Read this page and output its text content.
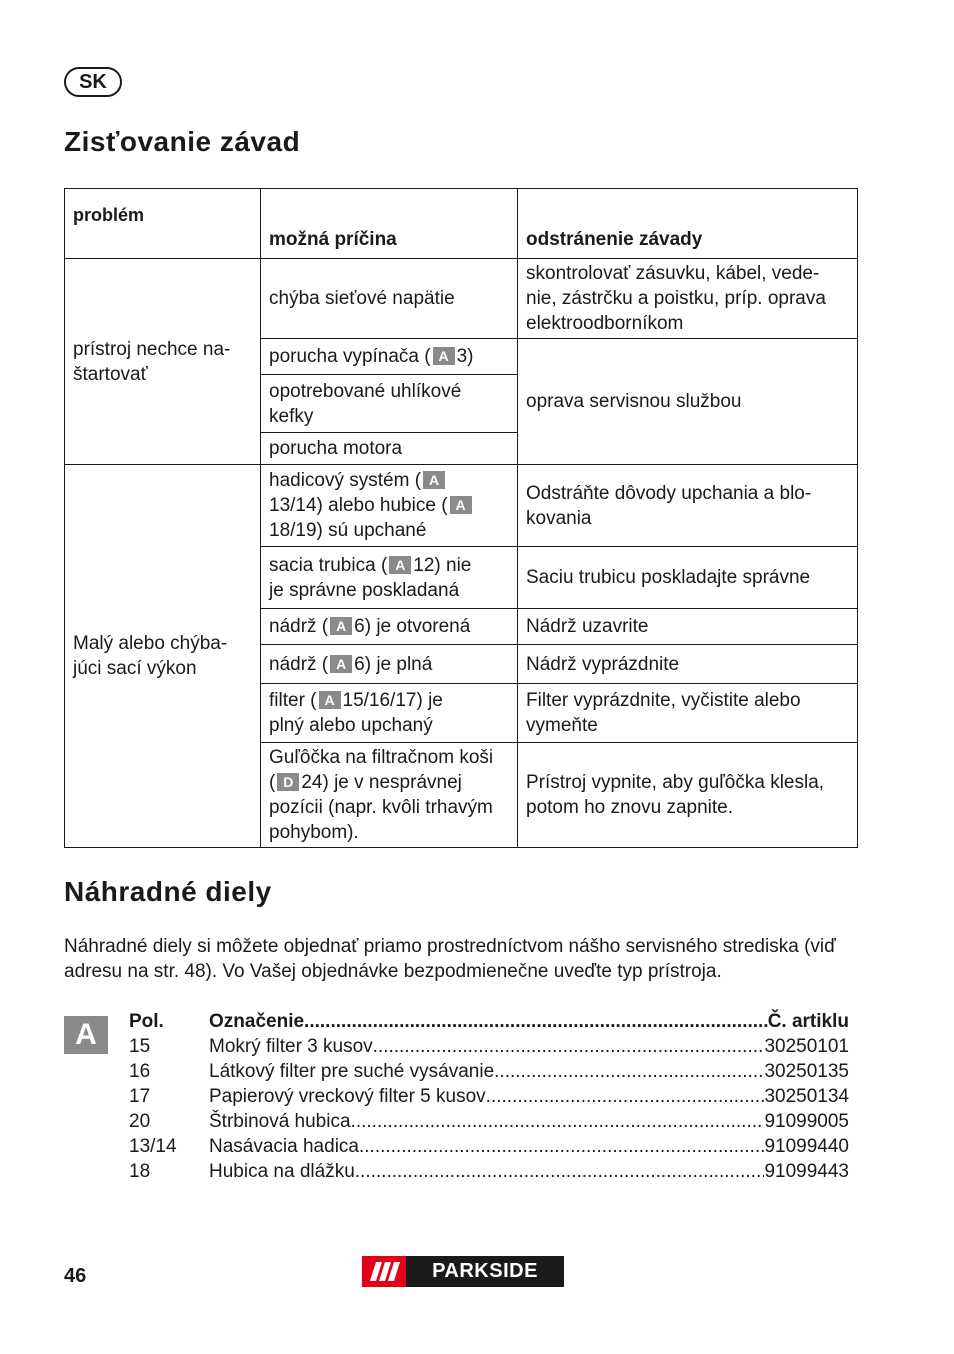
SK
Zisťovanie závad
problém	možná príčina	odstránenie závady
prístroj nechce na-
štartovať	chýba sieťové napätie	skontrolovať zásuvku, kábel, vede-
nie, zástrčku a poistku, príp. oprava
elektroodborníkom
	porucha vypínača ( A 3)	oprava servisnou službou
	opotrebované uhlíkové
kefky	
	porucha motora	
Malý alebo chýba-
júci sací výkon	hadicový systém ( A
13/14) alebo hubice ( A
18/19) sú upchané	Odstráňte dôvody upchania a blo-
kovania
	sacia trubica ( A 12) nie
je správne poskladaná	Saciu trubicu poskladajte správne
	nádrž ( A 6) je otvorená	Nádrž uzavrite
	nádrž ( A 6) je plná	Nádrž vyprázdnite
	filter ( A 15/16/17) je
plný alebo upchaný	Filter vyprázdnite, vyčistite alebo
vymeňte
	Guľôčka na filtračnom koši
( D 24) je v nesprávnej
pozícii (napr. kvôli trhavým
pohybom).	Prístroj vypnite, aby guľôčka klesla,
potom ho znovu zapnite.
Náhradné diely

Náhradné diely si môžete objednať priamo prostredníctvom nášho servisného strediska (viď adresu na str. 48). Vo Vašej objednávke bezpodmienečne uveďte typ prístroja.

A	Pol.	Označenie .....	Č. artiklu
15	Mokrý filter 3 kusov .....	30250101
16	Látkový filter pre suché vysávanie .....	30250135
17	Papierový vreckový filter 5 kusov .....	30250134
20	Štrbinová hubica .....	91099005
13/14	Nasávacia hadica .....	91099440
18	Hubica na dlážku .....	91099443
46	PARKSIDE
